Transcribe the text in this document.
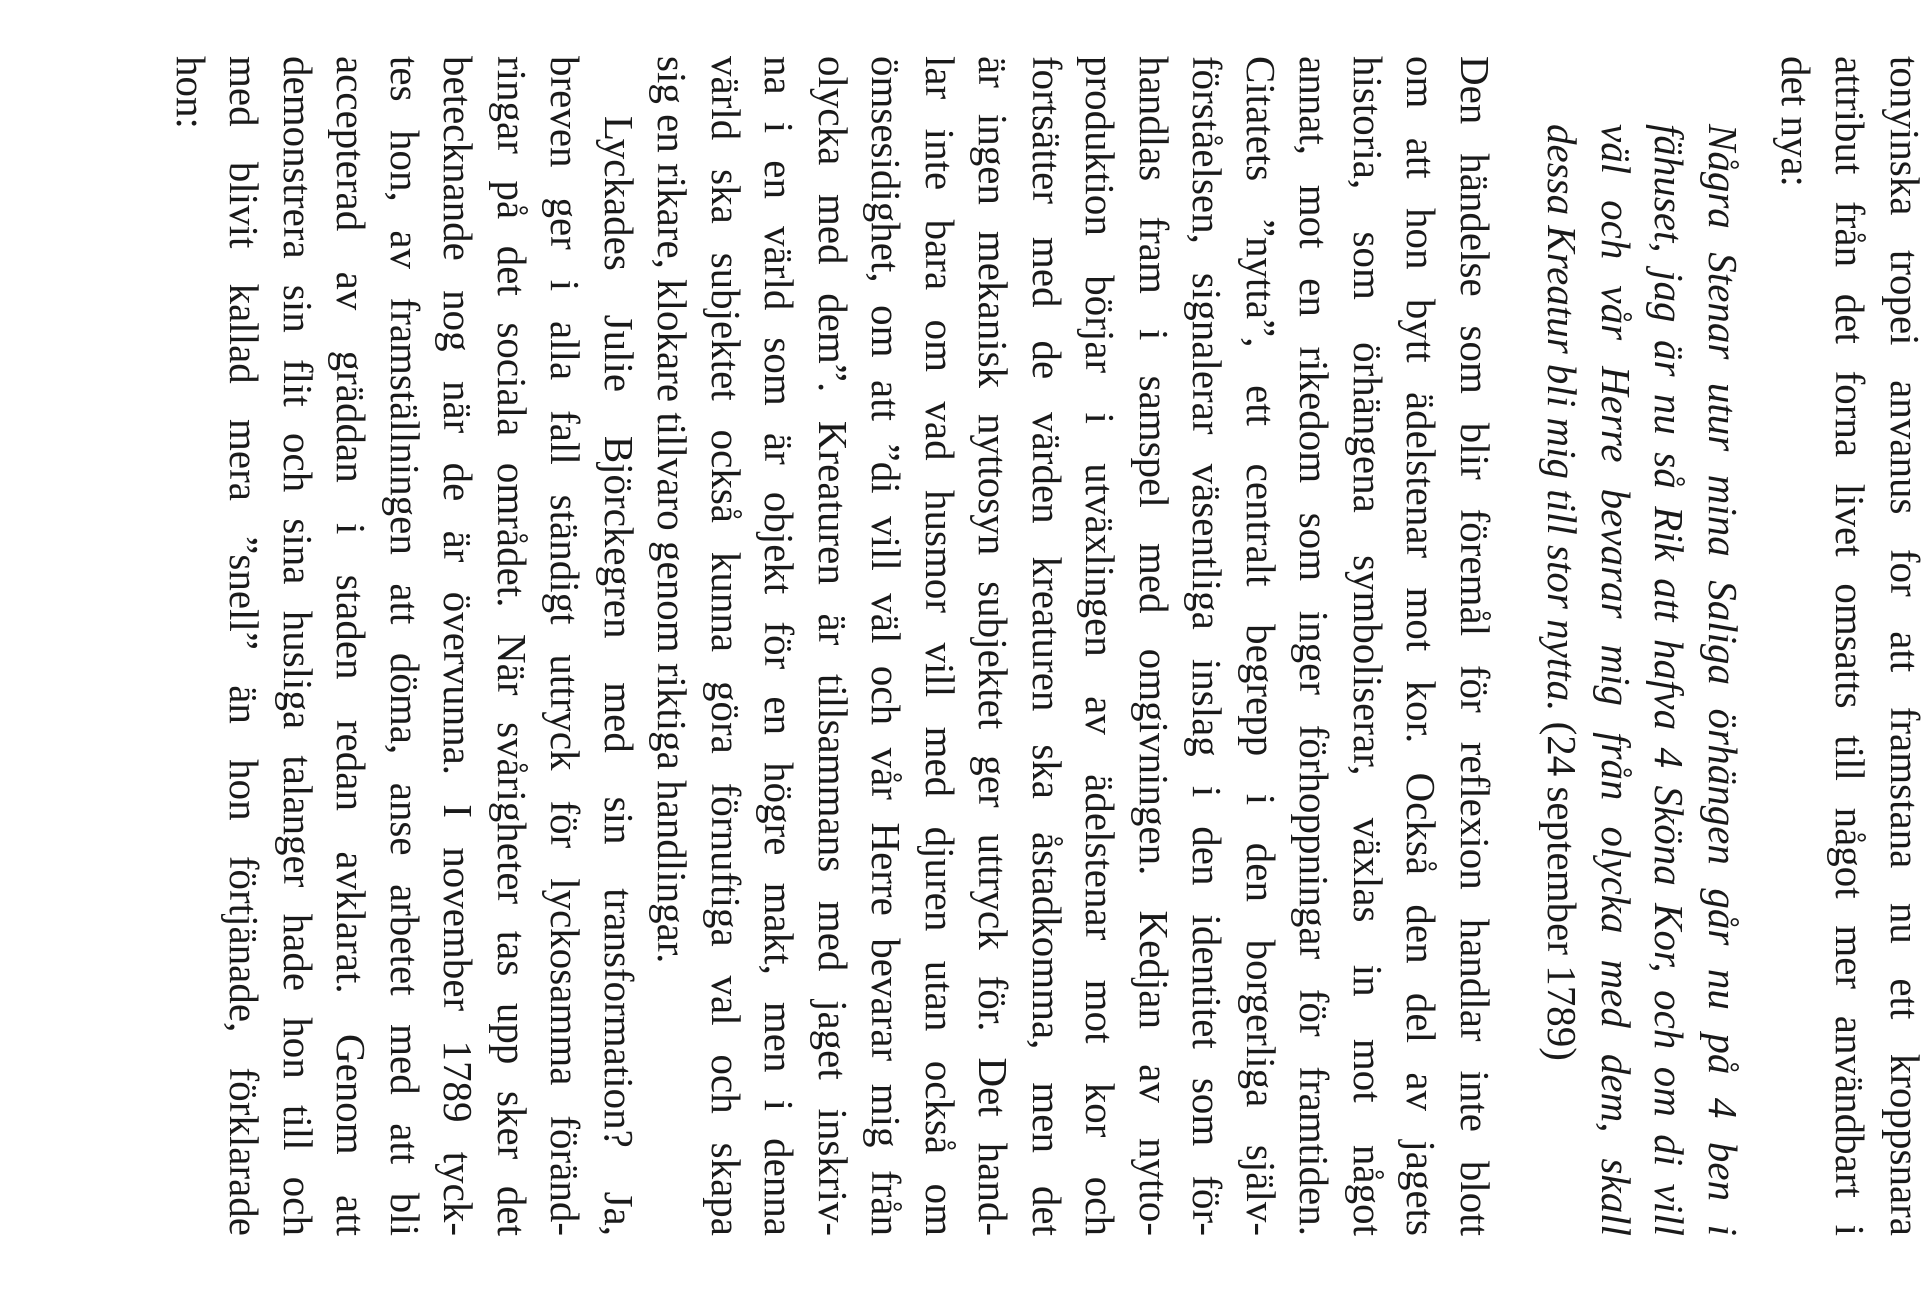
tonyinska tropei anvanus for att framstana nu ett kroppsnara

attribut från det forna livet omsatts till något mer användbart i
det nya:

Några Stenar utur mina Saliga örhängen går nu på 4 ben i
fähuset, jag är nu så Rik att hafva 4 Sköna Kor, och om di vill
väl och vår Herre bevarar mig från olycka med dem, skall
dessa Kreatur bli mig till stor nytta. (24 september 1789)

Den händelse som blir föremål för reflexion handlar inte blott
om att hon bytt ädelstenar mot kor. Också den del av jagets
historia, som örhängena symboliserar, växlas in mot något
annat, mot en rikedom som inger förhoppningar för framtiden.
Citatets ”nytta”, ett centralt begrepp i den borgerliga själv-
förståelsen, signalerar väsentliga inslag i den identitet som för-
handlas fram i samspel med omgivningen. Kedjan av nytto-
produktion börjar i utväxlingen av ädelstenar mot kor och
fortsätter med de värden kreaturen ska åstadkomma, men det
är ingen mekanisk nyttosyn subjektet ger uttryck för. Det hand-
lar inte bara om vad husmor vill med djuren utan också om
ömsesidighet, om att ”di vill väl och vår Herre bevarar mig från
olycka med dem”. Kreaturen är tillsammans med jaget inskriv-
na i en värld som är objekt för en högre makt, men i denna
värld ska subjektet också kunna göra förnuftiga val och skapa
sig en rikare, klokare tillvaro genom riktiga handlingar.

Lyckades Julie Björckegren med sin transformation? Ja,
breven ger i alla fall ständigt uttryck för lyckosamma föränd-
ringar på det sociala området. När svårigheter tas upp sker det
betecknande nog när de är övervunna. I november 1789 tyck-
tes hon, av framställningen att döma, anse arbetet med att bli
accepterad av gräddan i staden redan avklarat. Genom att
demonstrera sin flit och sina husliga talanger hade hon till och
med blivit kallad mera ”snell” än hon förtjänade, förklarade
hon:
